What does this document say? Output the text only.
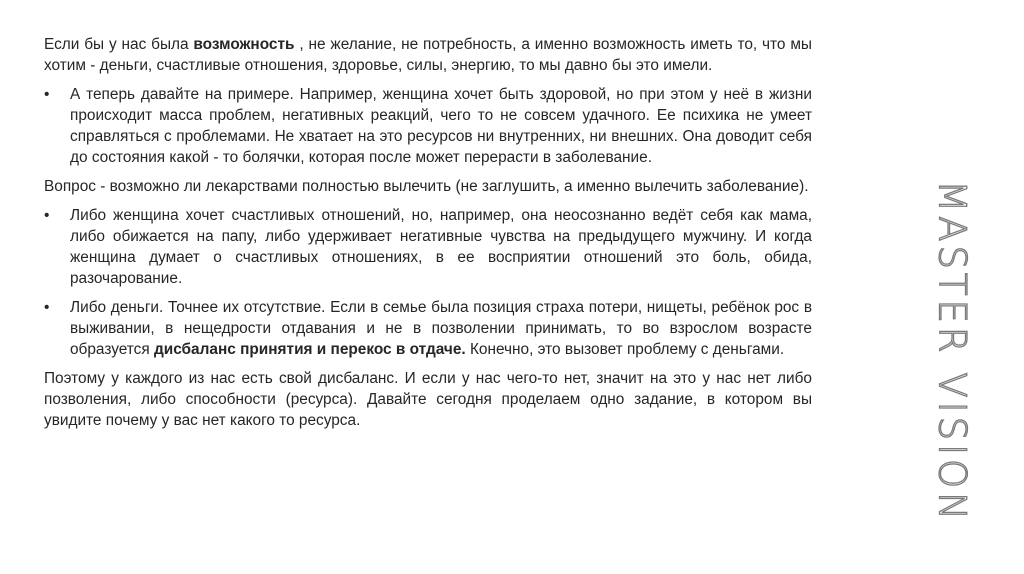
Если бы у нас была возможность , не желание, не потребность, а именно возможность иметь то, что мы хотим - деньги, счастливые отношения, здоровье, силы, энергию, то мы давно бы это имели.

• А теперь давайте на примере. Например, женщина хочет быть здоровой, но при этом у неё в жизни происходит масса проблем, негативных реакций, чего то не совсем удачного. Ее психика не умеет справляться с проблемами. Не хватает на это ресурсов ни внутренних, ни внешних. Она доводит себя до состояния какой - то болячки, которая после может перерасти в заболевание.

Вопрос - возможно ли лекарствами полностью вылечить (не заглушить, а именно вылечить заболевание).

• Либо женщина хочет счастливых отношений, но, например, она неосознанно ведёт себя как мама, либо обижается на папу, либо удерживает негативные чувства на предыдущего мужчину. И когда женщина думает о счастливых отношениях, в ее восприятии отношений это боль, обида, разочарование.
• Либо деньги. Точнее их отсутствие. Если в семье была позиция страха потери, нищеты, ребёнок рос в выживании, в нещедрости отдавания и не в позволении принимать, то во взрослом возрасте образуется дисбаланс принятия и перекос в отдаче. Конечно, это вызовет проблему с деньгами.

Поэтому у каждого из нас есть свой дисбаланс. И если у нас чего-то нет, значит на это у нас нет либо позволения, либо способности (ресурса). Давайте сегодня проделаем одно задание, в котором вы увидите почему у вас нет какого то ресурса.	MASTER VISION
